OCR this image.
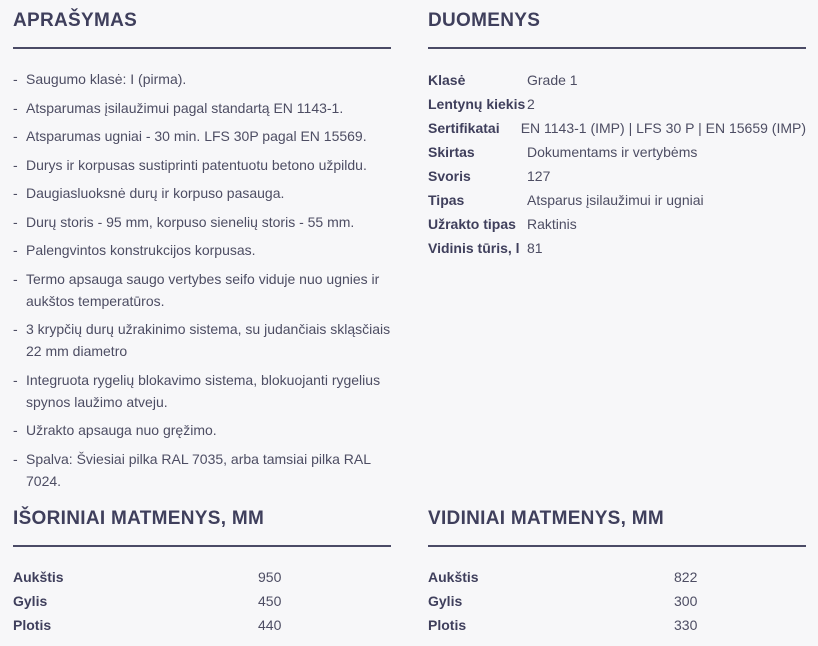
APRAŠYMAS
- Saugumo klasė: I (pirma).
- Atsparumas įsilaužimui pagal standartą EN 1143-1.
- Atsparumas ugniai - 30 min. LFS 30P pagal EN 15569.
- Durys ir korpusas sustiprinti patentuotu betono užpildu.
- Daugiasluoksnė durų ir korpuso pasauga.
- Durų storis - 95 mm, korpuso sienelių storis - 55 mm.
- Palengvintos konstrukcijos korpusas.
- Termo apsauga saugo vertybes seifo viduje nuo ugnies ir aukštos temperatūros.
- 3 krypčių durų užrakinimo sistema, su judančiais skląsčiais 22 mm diametro
- Integruota rygelių blokavimo sistema, blokuojanti rygelius spynos laužimo atveju.
- Užrakto apsauga nuo gręžimo.
- Spalva: Šviesiai pilka RAL 7035, arba tamsiai pilka RAL 7024.
DUOMENYS
Klasė	Grade 1
Lentynų kiekis 2
Sertifikatai	EN 1143-1 (IMP) | LFS 30 P | EN 15659 (IMP)
Skirtas	Dokumentams ir vertybėms
Svoris	127
Tipas	Atsparus įsilaužimui ir ugniai
Užrakto tipas Raktinis
Vidinis tūris, l 81
IŠORINIAI MATMENYS, MM
Aukštis	950
Gylis	450
Plotis	440
VIDINIAI MATMENYS, MM
Aukštis	822
Gylis	300
Plotis	330
